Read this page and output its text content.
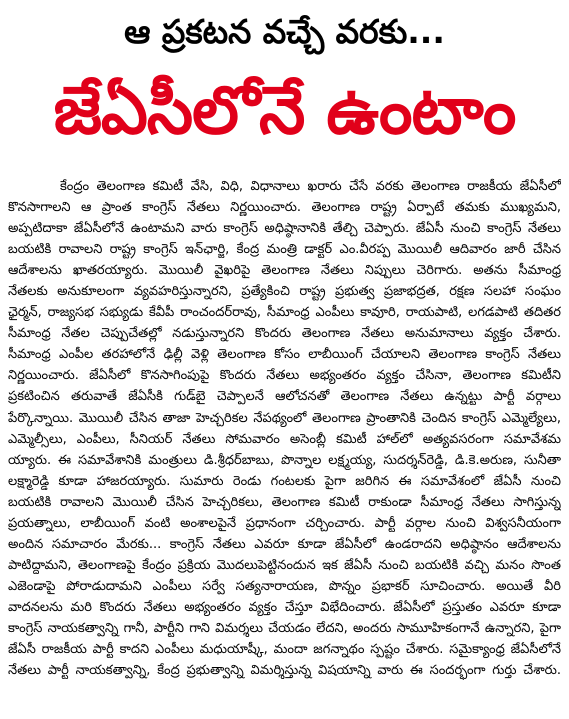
ఆ ప్రకటన వచ్చే వరకు...
జేఏసీలోనే ఉంటాం
కేంద్రం తెలంగాణ కమిటీ వేసి, విధి, విధానాలు ఖరారు చేసే వరకు తెలంగాణ రాజకీయ జేఏసీలో
కొనసాగాలని ఆ ప్రాంత కాంగ్రెస్ నేతలు నిర్ణయించారు. తెలంగాణ రాష్ట్ర ఏర్పాటే తమకు ముఖ్యమని,
అప్పటిదాకా జేఏసీలోనే ఉంటామని వారు కాంగ్రెస్ అధిష్ఠానానికి తేల్చి చెప్పారు. జేఏసీ నుంచి కాంగ్రెస్ నేతలు
బయటికి రావాలని రాష్ట్ర కాంగ్రెస్ ఇన్‌ఛార్జి, కేంద్ర మంత్రి డాక్టర్ ఎం.వీరప్ప మొయిలీ ఆదివారం జారీ చేసిన
ఆదేశాలను ఖాతరయ్యారు. మొయిలీ వైఖరిపై తెలంగాణ నేతలు నిప్పులు చెరిగారు. అతను సీమాంధ్ర
నేతలకు అనుకూలంగా వ్యవహరిస్తున్నారని, ప్రత్యేకించి రాష్ట్ర ప్రభుత్వ ప్రజాభద్రత, రక్షణ సలహా సంఘం
ఛైర్మన్, రాజ్యసభ సభ్యుడు కేవీపీ రాంచందర్‌రావు, సీమాంధ్ర ఎంపీలు కావూరి, రాయపాటి, లగడపాటి తదితర
సీమాంధ్ర నేతల చెప్పుచేతల్లో నడుస్తున్నారని కొందరు తెలంగాణ నేతలు అనుమానాలు వ్యక్తం చేశారు.
సీమాంధ్ర ఎంపీల తరహాలోనే ఢిల్లీ వెళ్లి తెలంగాణ కోసం లాబీయింగ్ చేయాలని తెలంగాణ కాంగ్రెస్ నేతలు
నిర్ణయించారు. జేఏసీలో కొనసాగింపుపై కొందరు నేతలు అభ్యంతరం వ్యక్తం చేసినా, తెలంగాణ కమిటీని
ప్రకటించిన తరువాతే జేఏసీకి గుడ్‌బై చెప్పాలనే ఆలోచనతో తెలంగాణ నేతలు ఉన్నట్టు పార్టీ వర్గాలు
పేర్కొన్నాయి. మొయిలీ చేసిన తాజా హెచ్చరికల నేపథ్యంలో తెలంగాణ ప్రాంతానికి చెందిన కాంగ్రెస్ ఎమ్మెల్యేలు,
ఎమ్మెల్సీలు, ఎంపీలు, సీనియర్ నేతలు సోమవారం అసెంబ్లీ కమిటీ హాల్‌లో అత్యవసరంగా సమావేశమ
య్యారు. ఈ సమావేశానికి మంత్రులు డి.శ్రీధర్‌బాబు, పొన్నాల లక్ష్మయ్య, సుదర్శన్‌రెడ్డి, డి.కె.అరుణ, సునీతా
లక్ష్మారెడ్డి కూడా హాజరయ్యారు. సుమారు రెండు గంటలకు పైగా జరిగిన ఈ సమావేశంలో జేఏసీ నుంచి
బయటికి రావాలని మొయిలీ చేసిన హెచ్చరికలు, తెలంగాణ కమిటీ రాకుండా సీమాంధ్ర నేతలు సాగిస్తున్న
ప్రయత్నాలు, లాబీయింగ్ వంటి అంశాలపైనే ప్రధానంగా చర్చించారు. పార్టీ వర్గాల నుంచి విశ్వసనీయంగా
అందిన సమాచారం మేరకు... కాంగ్రెస్ నేతలు ఎవరూ కూడా జేఏసీలో ఉండరాదని అధిష్ఠానం ఆదేశాలను
పాటిద్దామని, తెలంగాణపై కేంద్రం ప్రక్రియ మొదలుపెట్టినందున ఇక జేఏసీ నుంచి బయటికి వచ్చి మనం సొంత
ఎజెండాపై పోరాడుదామని ఎంపీలు సర్వే సత్యనారాయణ, పొన్నం ప్రభాకర్ సూచించారు. అయితే వీరి
వాదనలను మరి కొందరు నేతలు అభ్యంతరం వ్యక్తం చేస్తూ విభేదించారు. జేఏసీలో ప్రస్తుతం ఎవరూ కూడా
కాంగ్రెస్ నాయకత్వాన్ని గానీ, పార్టీని గాని విమర్శలు చేయడం లేదని, అందరు సామూహికంగానే ఉన్నారని, పైగా
జేఏసీ రాజకీయ పార్టీ కాదని ఎంపీలు మధుయాష్కీ, మందా జగన్నాథం స్పష్టం చేశారు. సమైక్యాంధ్ర జేఏసీలోనే
నేతలు పార్టీ నాయకత్వాన్ని, కేంద్ర ప్రభుత్వాన్ని విమర్శిస్తున్న విషయాన్ని వారు ఈ సందర్భంగా గుర్తు చేశారు.
